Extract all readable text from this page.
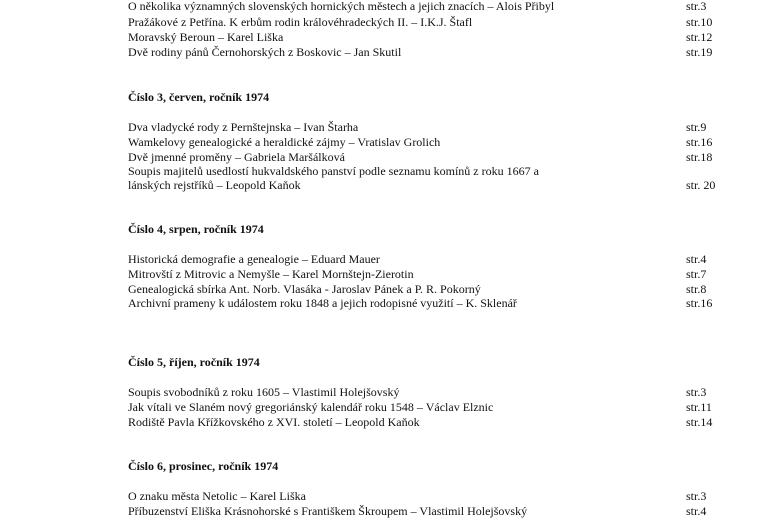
O několika významných slovenských hornických městech a jejich znacích – Alois Přibyl	str.3
Pražákové z Petřína. K erbům rodin královéhradeckých II. – I.K.J. Štafl	str.10
Moravský Beroun – Karel Liška	str.12
Dvě rodiny pánů Černohorských z Boskovic – Jan Skutil	str.19
Číslo 3, červen, ročník 1974
Dva vladycké rody z Pernštejnska – Ivan Štarha	str.9
Wamkelovy genealogické a heraldické zájmy – Vratislav Grolich	str.16
Dvě jmenné proměny – Gabriela Maršálková	str.18
Soupis majitelů usedlostí hukvaldského panství podle seznamu komínů z roku 1667 a
lánských rejstříků – Leopold Kaňok	str. 20
Číslo 4, srpen, ročník 1974
Historická demografie a genealogie – Eduard Mauer	str.4
Mitrovští z Mitrovic a Nemyšle – Karel Mornštejn-Zierotin	str.7
Genealogická sbírka Ant. Norb. Vlasáka - Jaroslav Pánek a P. R. Pokorný	str.8
Archivní prameny k událostem roku 1848 a jejich rodopisné využití – K. Sklenář	str.16
Číslo 5, říjen, ročník 1974
Soupis svobodníků z roku 1605 – Vlastimil Holejšovský	str.3
Jak vítali ve Slaném nový gregoriánský kalendář roku 1548 – Václav Elznic	str.11
Rodiště Pavla Křížkovského z XVI. století – Leopold Kaňok	str.14
Číslo 6, prosinec, ročník 1974
O znaku města Netolic – Karel Liška	str.3
Příbuzenství Eliška Krásnohorské s Františkem Škroupem – Vlastimil Holejšovský	str.4
